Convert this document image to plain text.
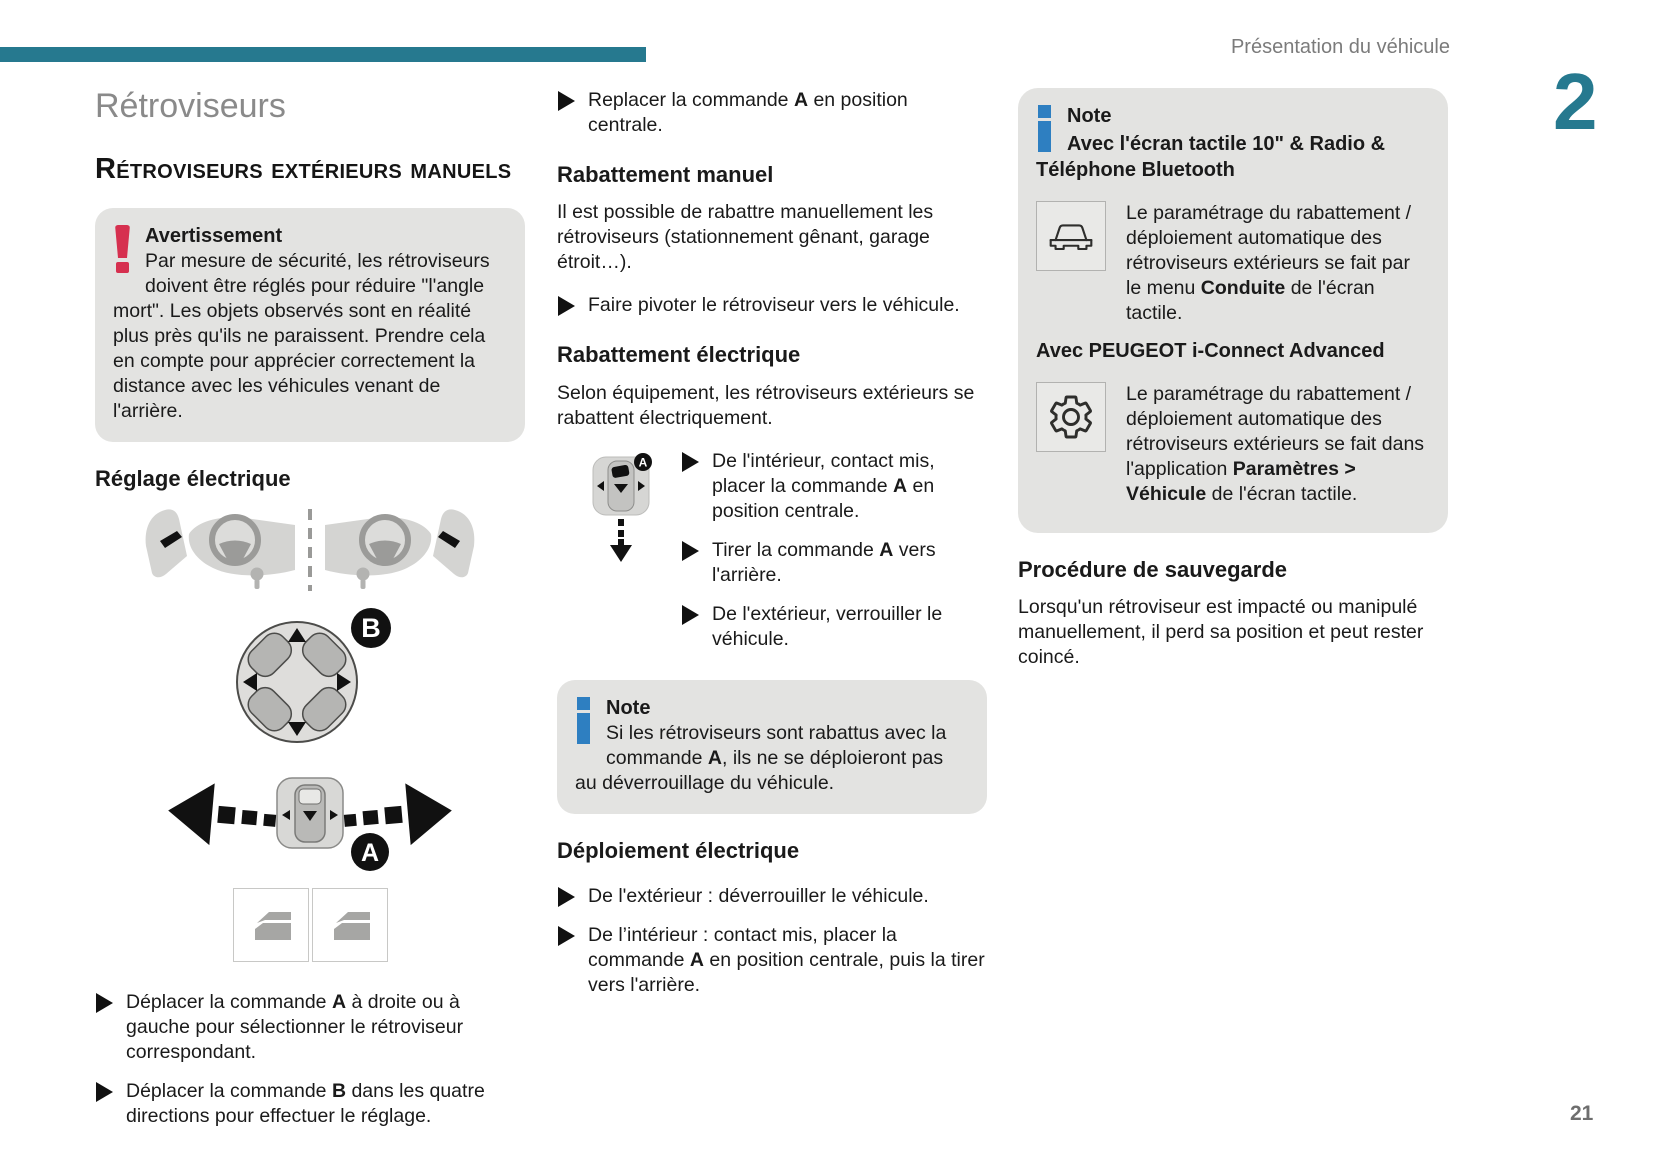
Présentation du véhicule
2
Rétroviseurs
Rétroviseurs extérieurs manuels
Avertissement
Par mesure de sécurité, les rétroviseurs doivent être réglés pour réduire "l'angle mort". Les objets observés sont en réalité plus près qu'ils ne paraissent. Prendre cela en compte pour apprécier correctement la distance avec les véhicules venant de l'arrière.
Réglage électrique
B
A
Déplacer la commande A à droite ou à gauche pour sélectionner le rétroviseur correspondant.
Déplacer la commande B dans les quatre directions pour effectuer le réglage.
Replacer la commande A en position centrale.
Rabattement manuel

Il est possible de rabattre manuellement les rétroviseurs (stationnement gênant, garage étroit…).

Faire pivoter le rétroviseur vers le véhicule.
Rabattement électrique

Selon équipement, les rétroviseurs extérieurs se rabattent électriquement.

A	De l'intérieur, contact mis, placer la commande A en position centrale.
Tirer la commande A vers l'arrière.
De l'extérieur, verrouiller le véhicule.
Note
Si les rétroviseurs sont rabattus avec la commande A, ils ne se déploieront pas au déverrouillage du véhicule.
Déploiement électrique
De l'extérieur : déverrouiller le véhicule.
De l’intérieur : contact mis, placer la commande A en position centrale, puis la tirer vers l'arrière.
Note
Avec l'écran tactile 10" & Radio & Téléphone Bluetooth
Le paramétrage du rabattement / déploiement automatique des rétroviseurs extérieurs se fait par le menu Conduite de l'écran tactile.
Avec PEUGEOT i-Connect Advanced
Le paramétrage du rabattement / déploiement automatique des rétroviseurs extérieurs se fait dans l'application Paramètres > Véhicule de l'écran tactile.
Procédure de sauvegarde

Lorsqu'un rétroviseur est impacté ou manipulé manuellement, il perd sa position et peut rester coincé.

21
